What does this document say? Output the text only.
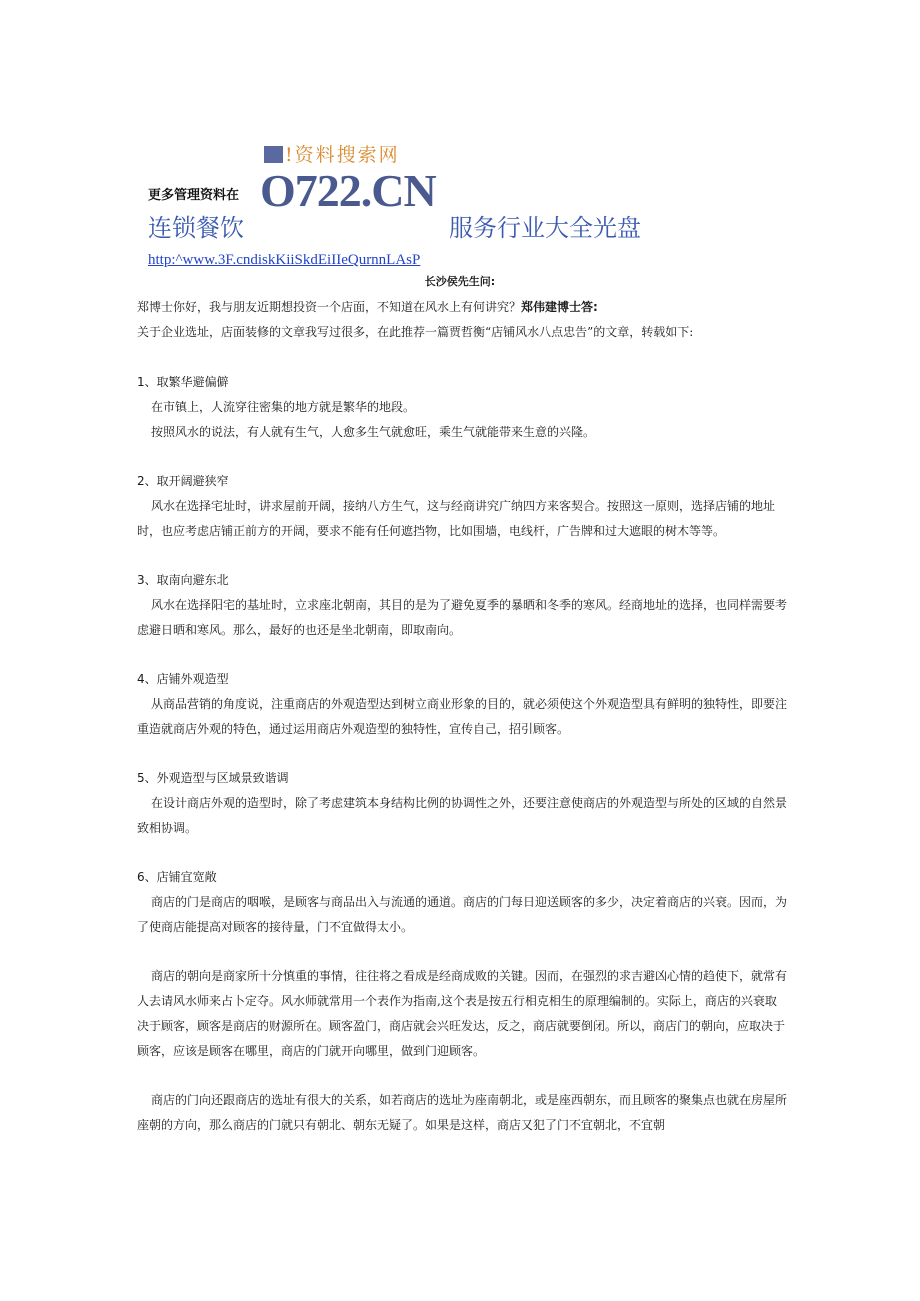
!资料搜索网
更多管理资料在 O722.CN
连锁餐饮	服务行业大全光盘
http:^www.3F.cndiskKiiSkdEiIIeQurnnLAsP
长沙侯先生问:

郑博士你好，我与朋友近期想投资一个店面，不知道在风水上有何讲究？郑伟建博士答:

关于企业选址，店面装修的文章我写过很多，在此推荐一篇贾哲衡“店铺风水八点忠告”的文章，转载如下:

1、取繁华避偏僻

在市镇上，人流穿往密集的地方就是繁华的地段。

按照风水的说法，有人就有生气，人愈多生气就愈旺，乘生气就能带来生意的兴隆。

2、取开阔避狭窄

风水在选择宅址时，讲求屋前开阔，接纳八方生气，这与经商讲究广纳四方来客契合。按照这一原则，选择店铺的地址时，也应考虑店铺正前方的开阔，要求不能有任何遮挡物，比如围墙，电线杆，广告牌和过大遮眼的树木等等。

3、取南向避东北

风水在选择阳宅的基址时，立求座北朝南，其目的是为了避免夏季的暴晒和冬季的寒风。经商地址的选择，也同样需要考虑避日晒和寒风。那么，最好的也还是坐北朝南，即取南向。

4、店铺外观造型

从商品营销的角度说，注重商店的外观造型达到树立商业形象的目的，就必须使这个外观造型具有鲜明的独特性，即要注重造就商店外观的特色，通过运用商店外观造型的独特性，宣传自己，招引顾客。

5、外观造型与区域景致谐调

在设计商店外观的造型时，除了考虑建筑本身结构比例的协调性之外，还要注意使商店的外观造型与所处的区域的自然景致相协调。

6、店铺宜宽敞

商店的门是商店的咽喉，是顾客与商品出入与流通的通道。商店的门每日迎送顾客的多少，决定着商店的兴衰。因而，为了使商店能提高对顾客的接待量，门不宜做得太小。

商店的朝向是商家所十分慎重的事情，往往将之看成是经商成败的关键。因而，在强烈的求吉避凶心情的趋使下，就常有人去请风水师来占卜定夺。风水师就常用一个表作为指南,这个表是按五行相克相生的原理编制的。实际上，商店的兴衰取决于顾客，顾客是商店的财源所在。顾客盈门，商店就会兴旺发达，反之，商店就要倒闭。所以，商店门的朝向，应取决于顾客，应该是顾客在哪里，商店的门就开向哪里，做到门迎顾客。

商店的门向还跟商店的选址有很大的关系，如若商店的选址为座南朝北，或是座西朝东，而且顾客的聚集点也就在房屋所座朝的方向，那么商店的门就只有朝北、朝东无疑了。如果是这样，商店又犯了门不宜朝北，不宜朝
